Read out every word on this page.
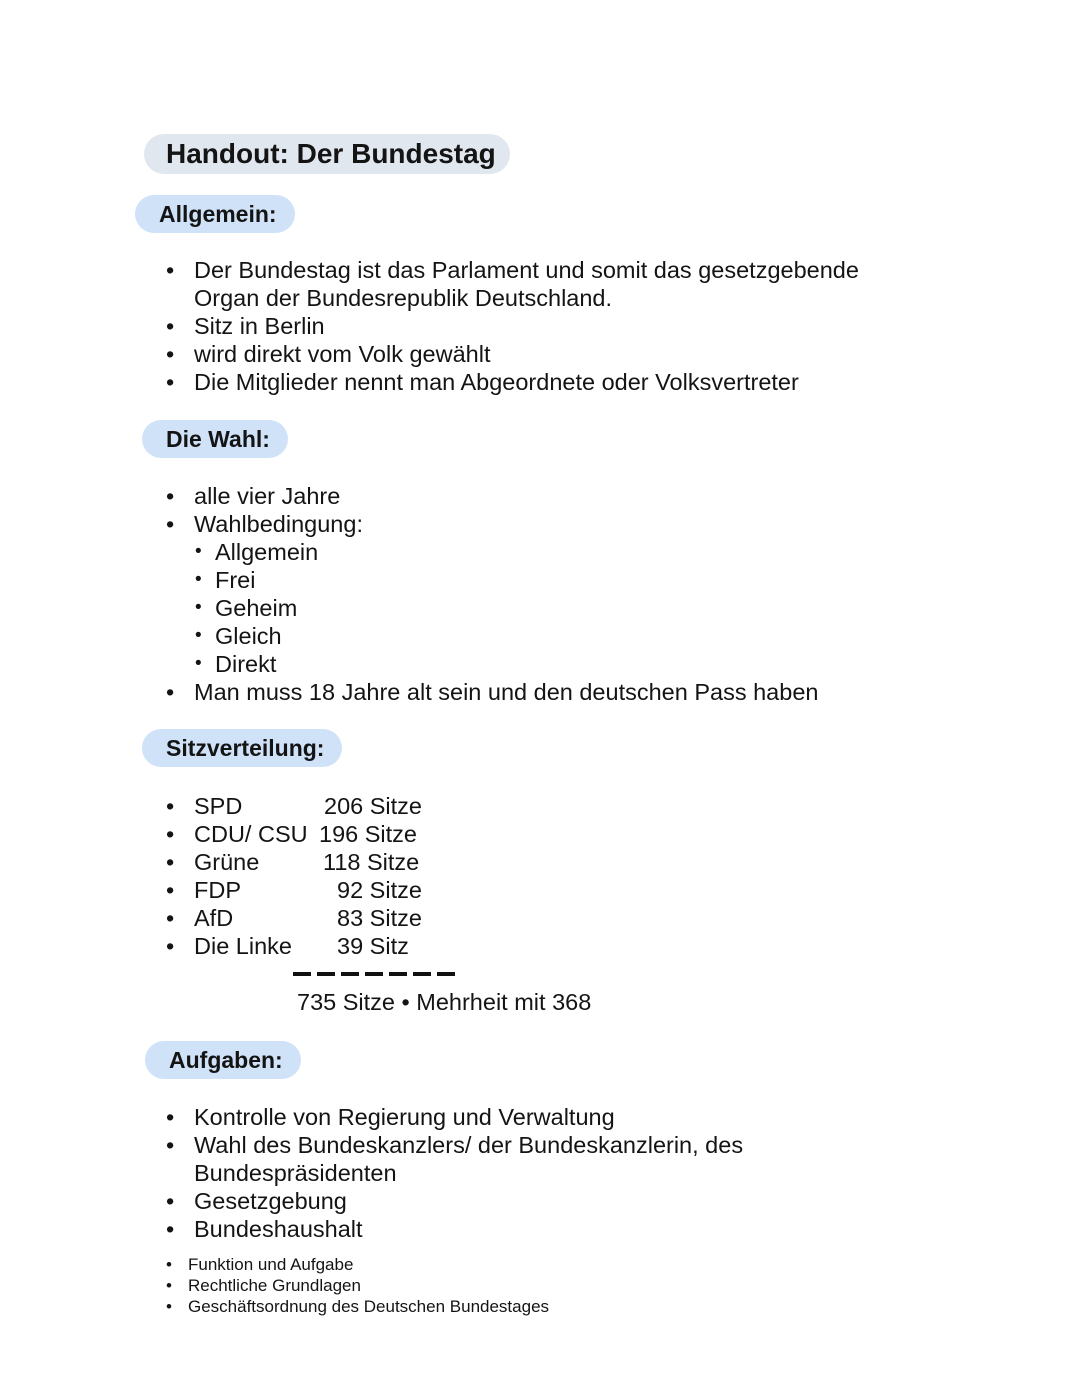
Handout: Der Bundestag
Allgemein:
• Der Bundestag ist das Parlament und somit das gesetzgebende
Organ der Bundesrepublik Deutschland.
• Sitz in Berlin
• wird direkt vom Volk gewählt
• Die Mitglieder nennt man Abgeordnete oder Volksvertreter
Die Wahl:
• alle vier Jahre
• Wahlbedingung:
• Allgemein
• Frei
• Geheim
• Gleich
• Direkt
• Man muss 18 Jahre alt sein und den deutschen Pass haben
Sitzverteilung:
• SPD	206 Sitze
• CDU/ CSU 196 Sitze
• Grüne	118 Sitze
• FDP	92 Sitze
• AfD	83 Sitze
• Die Linke 39 Sitz
735 Sitze • Mehrheit mit 368
Aufgaben:
• Kontrolle von Regierung und Verwaltung
• Wahl des Bundeskanzlers/ der Bundeskanzlerin, des
Bundespräsidenten
• Gesetzgebung
• Bundeshaushalt
• Funktion und Aufgabe
• Rechtliche Grundlagen
• Geschäftsordnung des Deutschen Bundestages
